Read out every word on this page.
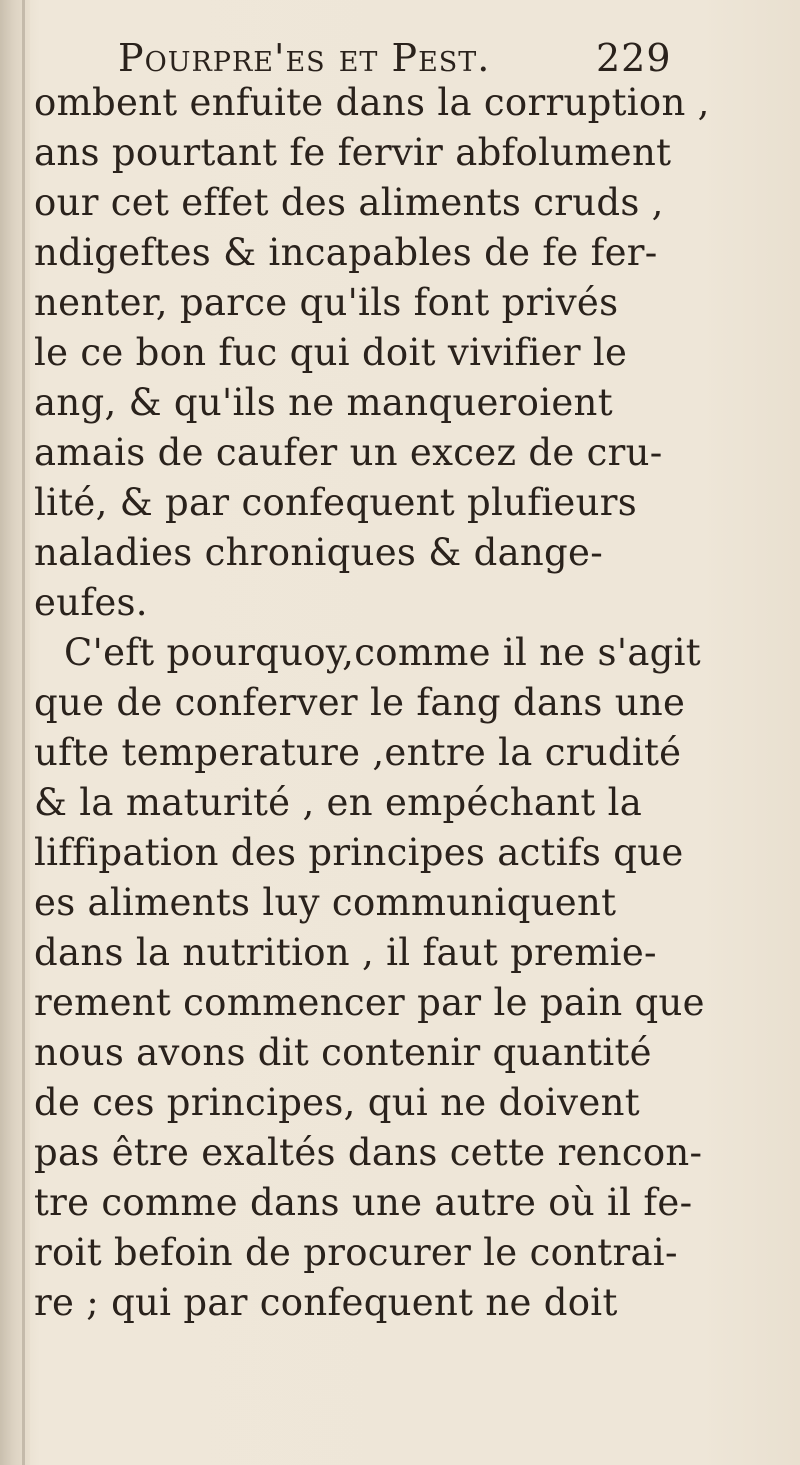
Pourpre'es et Pest.	229
ombent enfuite dans la corruption ,
ans pourtant fe fervir abfolument
our cet effet des aliments cruds ,
ndigeftes & incapables de fe fer-
nenter, parce qu'ils font privés
le ce bon fuc qui doit vivifier le
ang, & qu'ils ne manqueroient
amais de caufer un excez de cru-
lité, & par confequent plufieurs
naladies chroniques & dange-
eufes.
C'eft pourquoy,comme il ne s'agit
que de conferver le fang dans une
ufte temperature ,entre la crudité
& la maturité , en empéchant la
liffipation des principes actifs que
es aliments luy communiquent
dans la nutrition , il faut premie-
rement commencer par le pain que
nous avons dit contenir quantité
de ces principes, qui ne doivent
pas être exaltés dans cette rencon-
tre comme dans une autre où il fe-
roit befoin de procurer le contrai-
re ; qui par confequent ne doit
